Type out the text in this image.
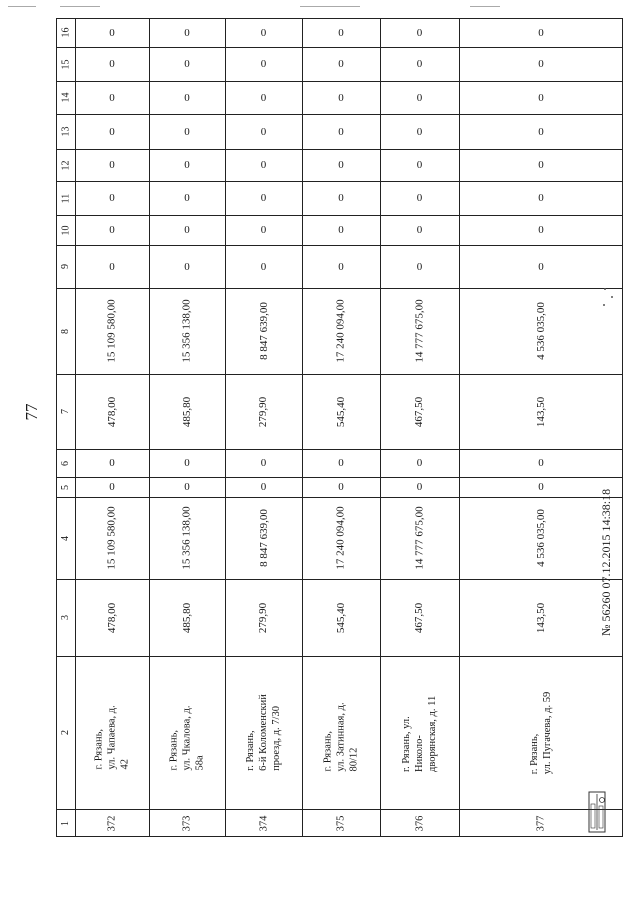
77
16	0	0	0	0	0	0
15	0	0	0	0	0	0
14	0	0	0	0	0	0
13	0	0	0	0	0	0
12	0	0	0	0	0	0
11	0	0	0	0	0	0
10	0	0	0	0	0	0
9	0	0	0	0	0	0
8	15 109 580,00	15 356 138,00	8 847 639,00	17 240 094,00	14 777 675,00	4 536 035,00
7	478,00	485,80	279,90	545,40	467,50	143,50
6	0	0	0	0	0	0
5	0	0	0	0	0	0
4	15 109 580,00	15 356 138,00	8 847 639,00	17 240 094,00	14 777 675,00	4 536 035,00
3	478,00	485,80	279,90	545,40	467,50	143,50
2 г. Рязань, ул. Чапаева, д. 42	г. Рязань, ул. Чкалова, д. 58а	г. Рязань, 6-й Коломенский проезд, д. 7/30	г. Рязань, ул. Затинная, д. 80/12	г. Рязань, ул. Николо- дворянская, д. 11	г. Рязань, ул. Пугачева, д. 59
1	372	373	374	375	376	377
№ 56260 07.12.2015 14:38:18
